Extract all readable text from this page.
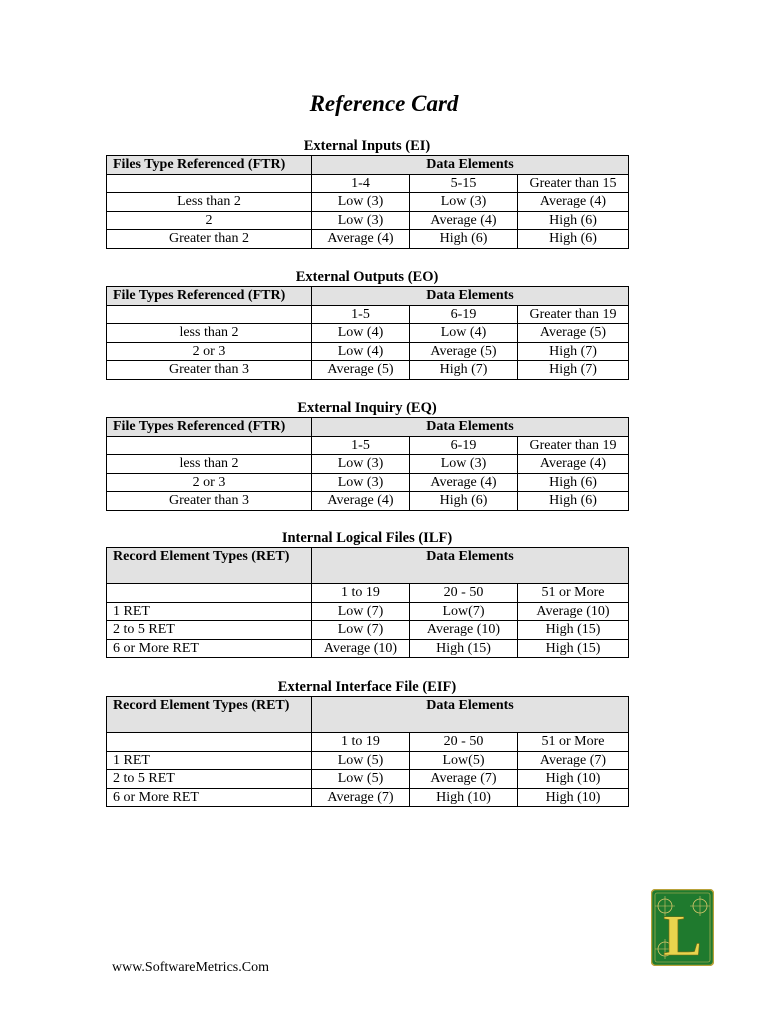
Reference Card
External Inputs (EI)
Files Type Referenced (FTR)	Data Elements		
	1-4	5-15	Greater than 15
Less than 2	Low (3)	Low (3)	Average (4)
2	Low (3)	Average (4)	High (6)
Greater than 2	Average (4)	High (6)	High (6)
External Outputs (EO)
File Types Referenced (FTR)	Data Elements		
	1-5	6-19	Greater than 19
less than 2	Low (4)	Low (4)	Average (5)
2 or 3	Low (4)	Average (5)	High (7)
Greater than 3	Average (5)	High (7)	High (7)
External Inquiry (EQ)
File Types Referenced (FTR)	Data Elements		
	1-5	6-19	Greater than 19
less than 2	Low (3)	Low (3)	Average (4)
2 or 3	Low (3)	Average (4)	High (6)
Greater than 3	Average (4)	High (6)	High (6)
Internal Logical Files (ILF)
Record Element Types (RET)	Data Elements		
	1 to 19	20 - 50	51 or More
1 RET	Low (7)	Low(7)	Average (10)
2 to 5 RET	Low (7)	Average (10)	High (15)
6 or More RET	Average (10)	High (15)	High (15)
External Interface File (EIF)
Record Element Types (RET)	Data Elements		
	1 to 19	20 - 50	51 or More
1 RET	Low (5)	Low(5)	Average (7)
2 to 5 RET	Low (5)	Average (7)	High (10)
6 or More RET	Average (7)	High (10)	High (10)
L
www.SoftwareMetrics.Com
